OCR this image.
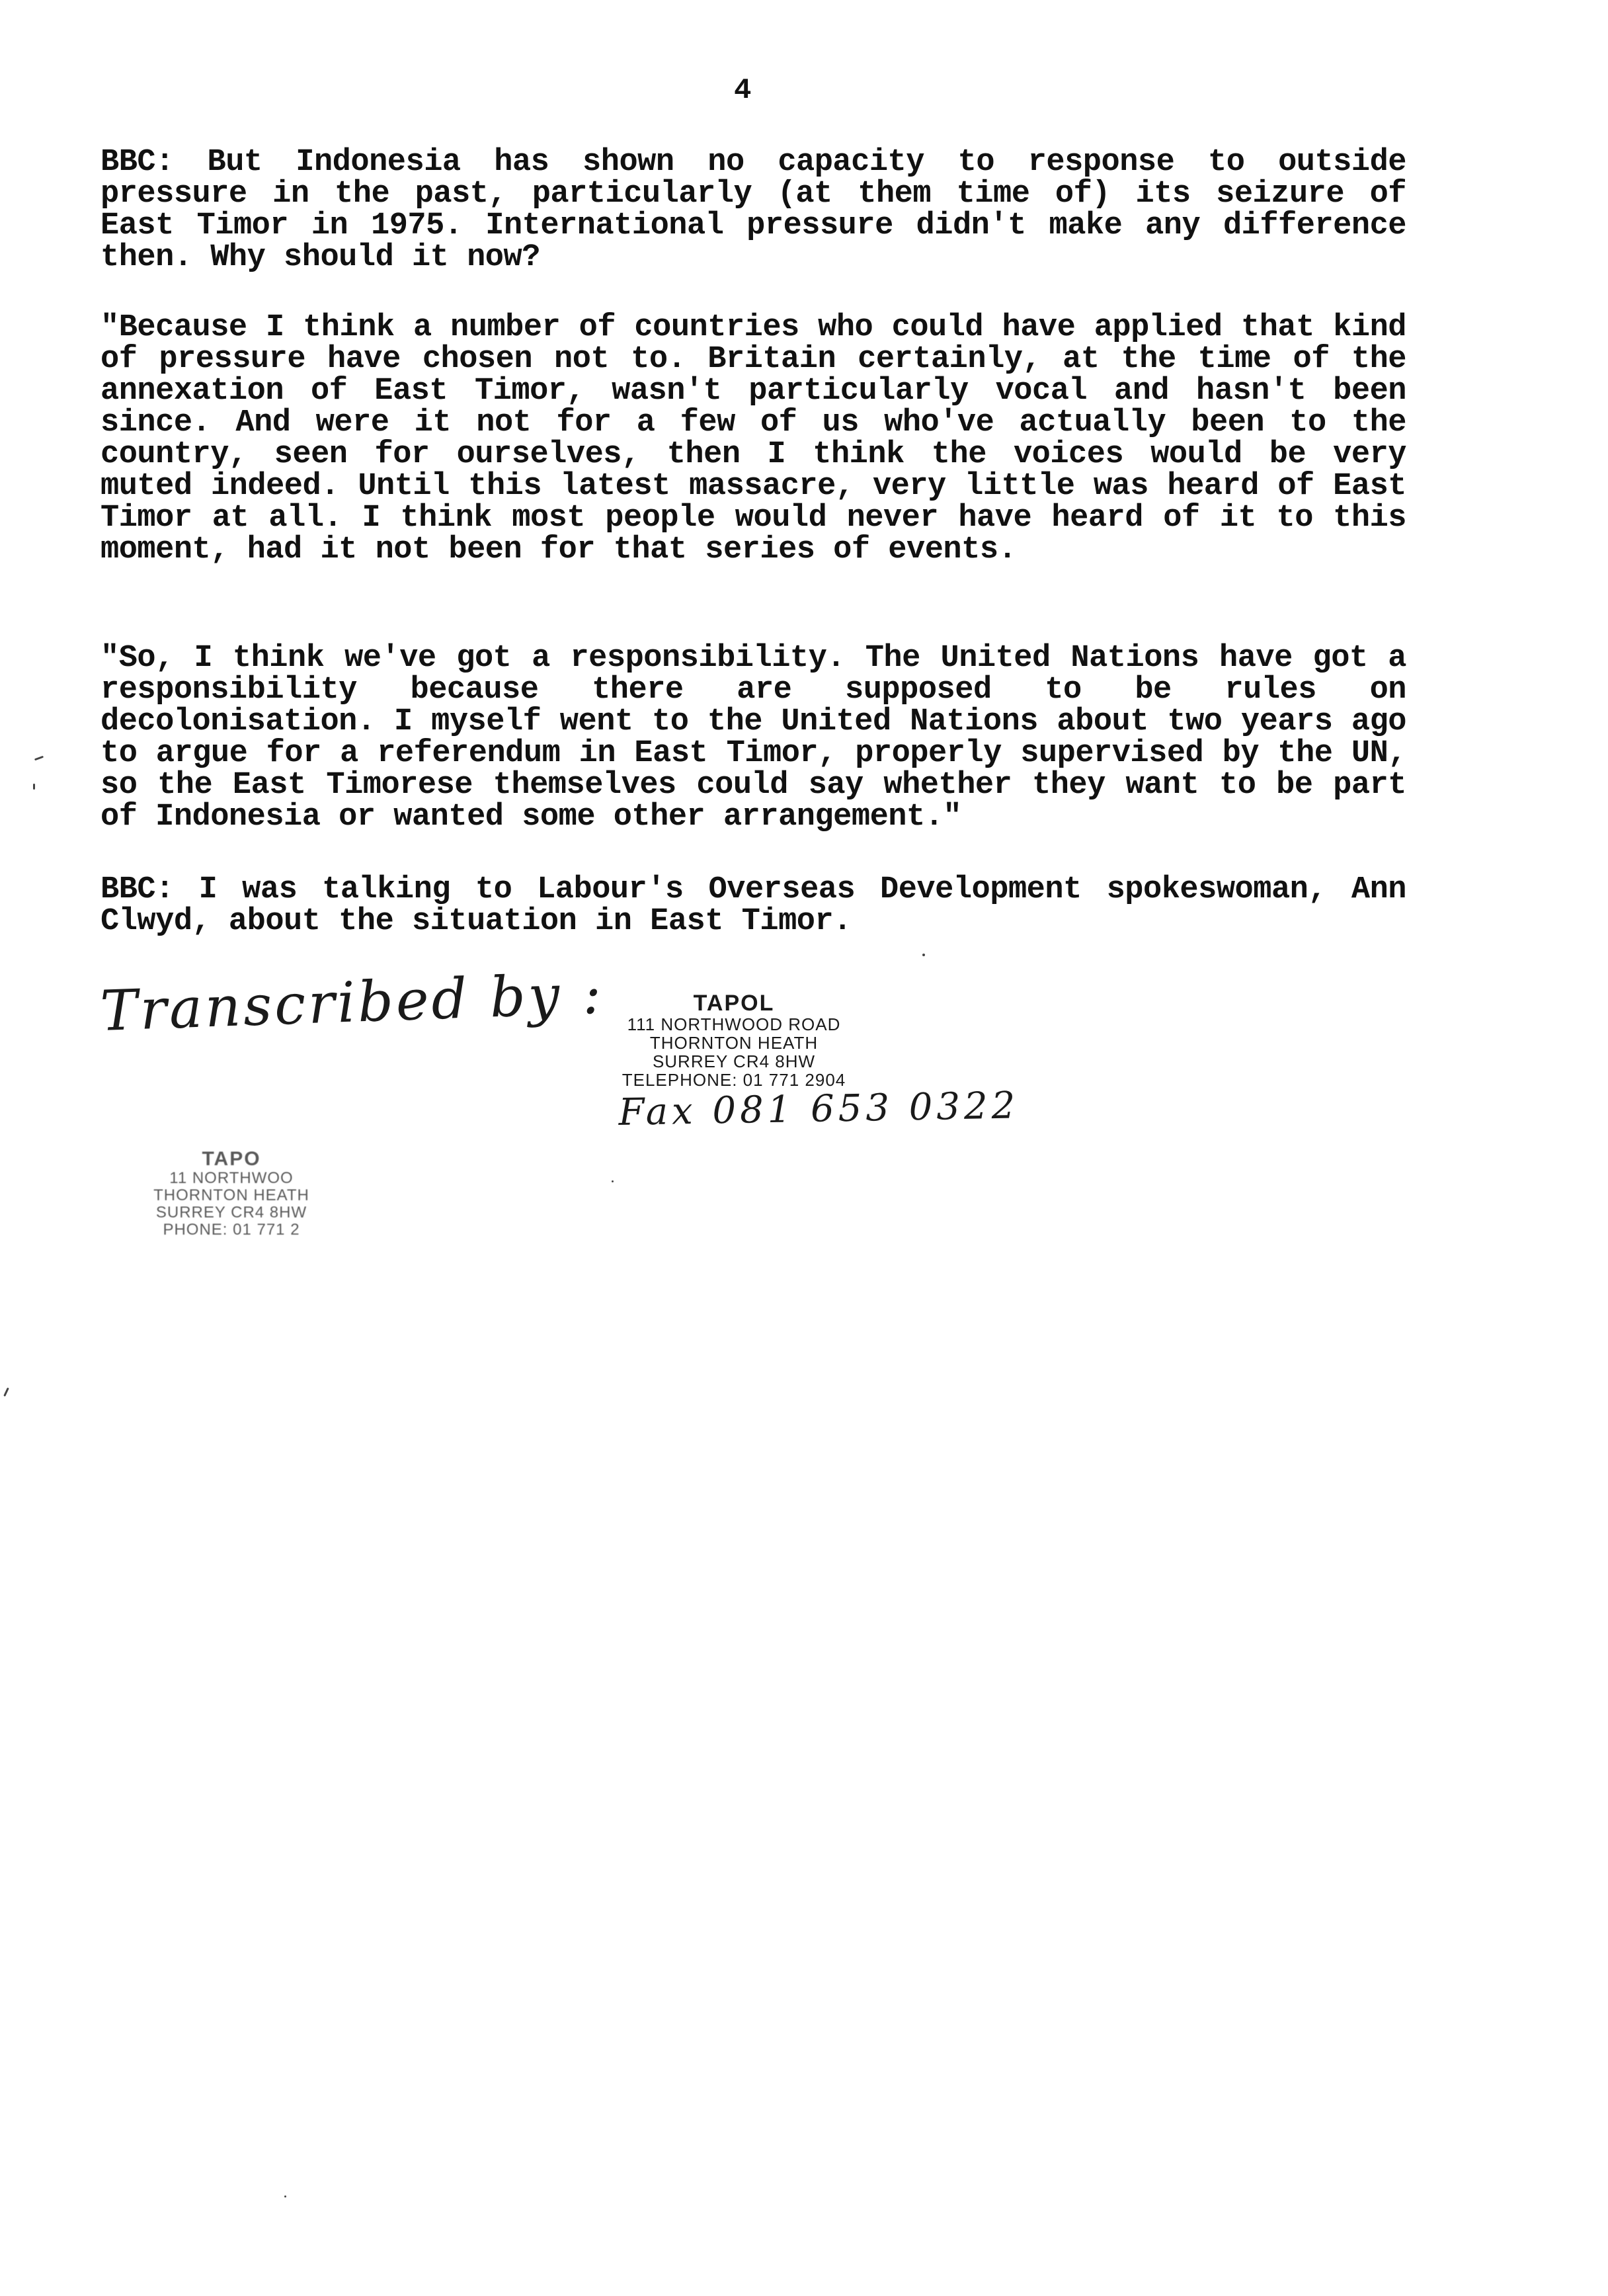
4

BBC: But Indonesia has shown no capacity to response to outside pressure in the past, particularly (at them time of) its seizure of East Timor in 1975. International pressure didn't make any difference then. Why should it now?

"Because I think a number of countries who could have applied that kind of pressure have chosen not to. Britain certainly, at the time of the annexation of East Timor, wasn't particularly vocal and hasn't been since. And were it not for a few of us who've actually been to the country, seen for ourselves, then I think the voices would be very muted indeed. Until this latest massacre, very little was heard of East Timor at all. I think most people would never have heard of it to this moment, had it not been for that series of events.

"So, I think we've got a responsibility. The United Nations have got a responsibility because there are supposed to be rules on decolonisation. I myself went to the United Nations about two years ago to argue for a referendum in East Timor, properly supervised by the UN, so the East Timorese themselves could say whether they want to be part of Indonesia or wanted some other arrangement."

BBC: I was talking to Labour's Overseas Development spokeswoman, Ann Clwyd, about the situation in East Timor.

Transcribed by :	TAPOL
111 NORTHWOOD ROAD
THORNTON HEATH
SURREY CR4 8HW
TELEPHONE: 01 771 2904
Fax 081 653 0322
TAPO
11 NORTHWOO
THORNTON HEATH
SURREY CR4 8HW
PHONE: 01 771 2
